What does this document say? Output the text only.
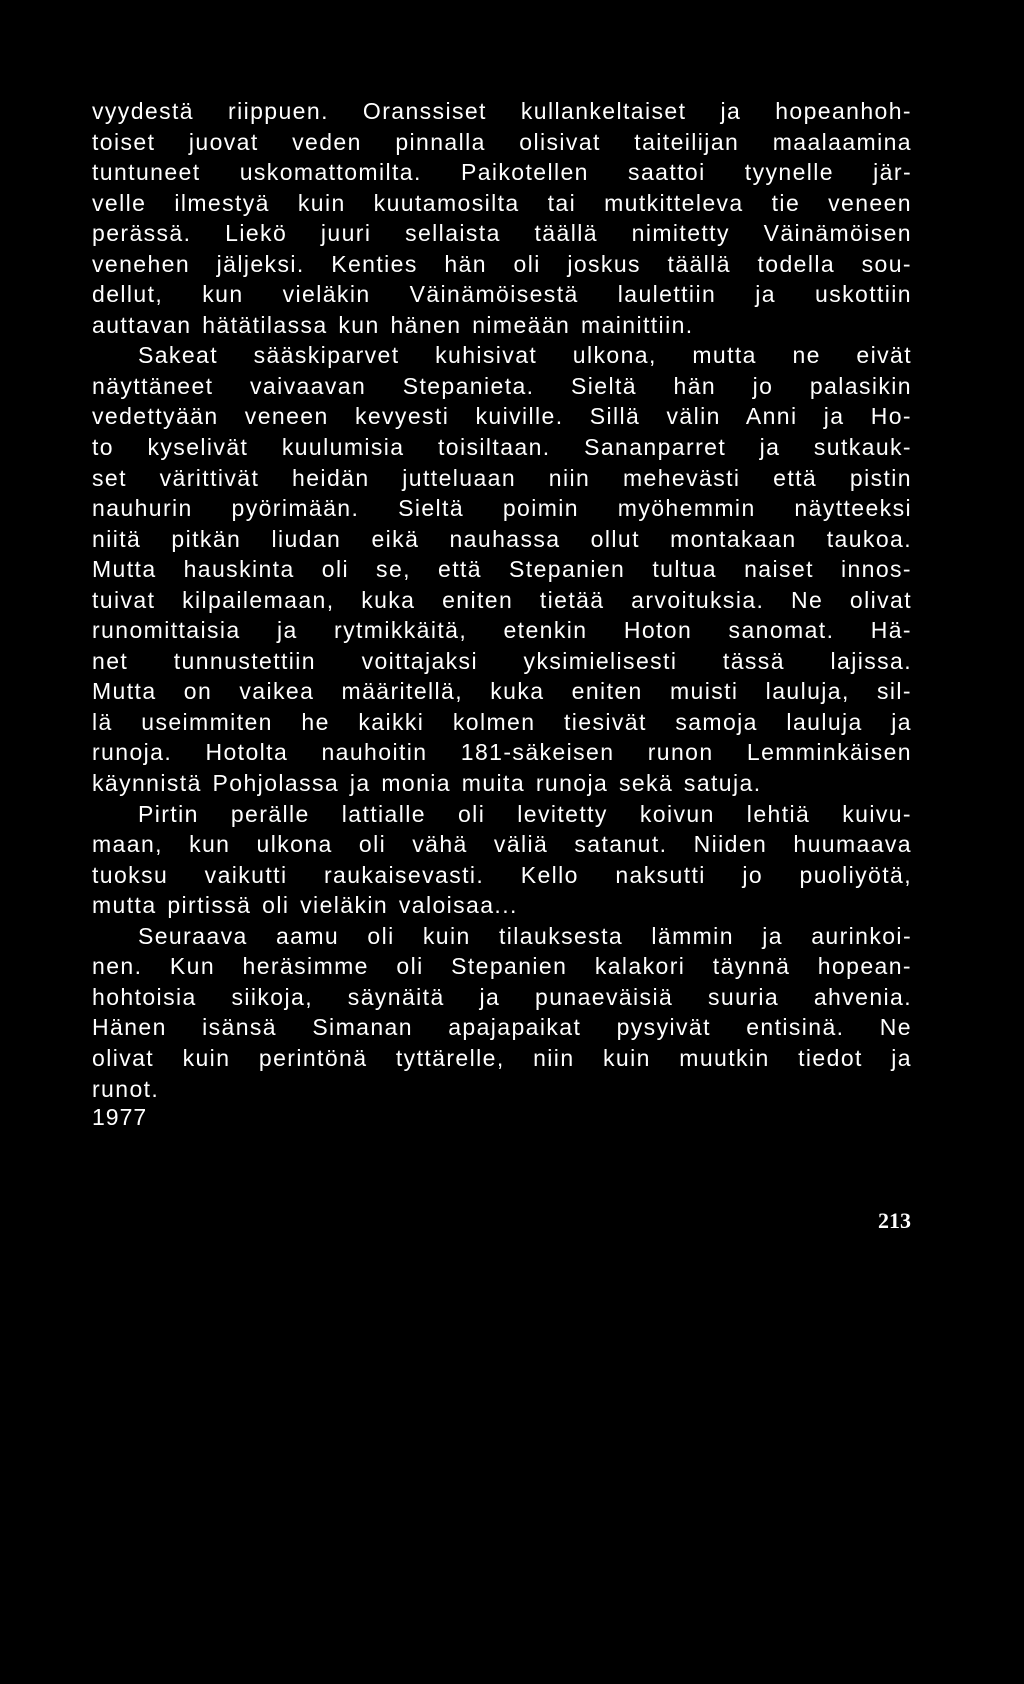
vyydestä riippuen. Oranssiset kullankeltaiset ja hopeanhoh-
toiset juovat veden pinnalla olisivat taiteilijan maalaamina
tuntuneet uskomattomilta. Paikotellen saattoi tyynelle jär-
velle ilmestyä kuin kuutamosilta tai mutkitteleva tie veneen
perässä. Liekö juuri sellaista täällä nimitetty Väinämöisen
venehen jäljeksi. Kenties hän oli joskus täällä todella sou-
dellut, kun vieläkin Väinämöisestä laulettiin ja uskottiin
auttavan hätätilassa kun hänen nimeään mainittiin.
Sakeat sääskiparvet kuhisivat ulkona, mutta ne eivät
näyttäneet vaivaavan Stepanieta. Sieltä hän jo palasikin
vedettyään veneen kevyesti kuiville. Sillä välin Anni ja Ho-
to kyselivät kuulumisia toisiltaan. Sananparret ja sutkauk-
set värittivät heidän jutteluaan niin mehevästi että pistin
nauhurin pyörimään. Sieltä poimin myöhemmin näytteeksi
niitä pitkän liudan eikä nauhassa ollut montakaan taukoa.
Mutta hauskinta oli se, että Stepanien tultua naiset innos-
tuivat kilpailemaan, kuka eniten tietää arvoituksia. Ne olivat
runomittaisia ja rytmikkäitä, etenkin Hoton sanomat. Hä-
net tunnustettiin voittajaksi yksimielisesti tässä lajissa.
Mutta on vaikea määritellä, kuka eniten muisti lauluja, sil-
lä useimmiten he kaikki kolmen tiesivät samoja lauluja ja
runoja. Hotolta nauhoitin 181-säkeisen runon Lemminkäisen
käynnistä Pohjolassa ja monia muita runoja sekä satuja.
Pirtin perälle lattialle oli levitetty koivun lehtiä kuivu-
maan, kun ulkona oli vähä väliä satanut. Niiden huumaava
tuoksu vaikutti raukaisevasti. Kello naksutti jo puoliyötä,
mutta pirtissä oli vieläkin valoisaa...
Seuraava aamu oli kuin tilauksesta lämmin ja aurinkoi-
nen. Kun heräsimme oli Stepanien kalakori täynnä hopean-
hohtoisia siikoja, säynäitä ja punaeväisiä suuria ahvenia.
Hänen isänsä Simanan apajapaikat pysyivät entisinä. Ne
olivat kuin perintönä tyttärelle, niin kuin muutkin tiedot ja
runot.
1977
213
